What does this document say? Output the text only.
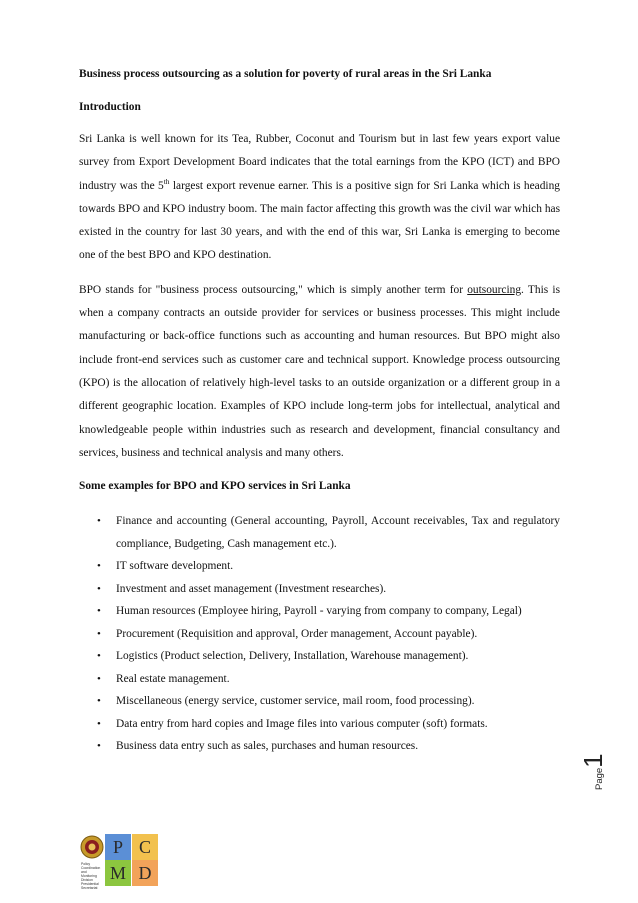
Business process outsourcing as a solution for poverty of rural areas in the Sri Lanka
Introduction
Sri Lanka is well known for its Tea, Rubber, Coconut and Tourism but in last few years export value survey from Export Development Board indicates that the total earnings from the KPO (ICT) and BPO industry was the 5th largest export revenue earner. This is a positive sign for Sri Lanka which is heading towards BPO and KPO industry boom. The main factor affecting this growth was the civil war which has existed in the country for last 30 years, and with the end of this war, Sri Lanka is emerging to become one of the best BPO and KPO destination.
BPO stands for "business process outsourcing," which is simply another term for outsourcing. This is when a company contracts an outside provider for services or business processes. This might include manufacturing or back-office functions such as accounting and human resources. But BPO might also include front-end services such as customer care and technical support. Knowledge process outsourcing (KPO) is the allocation of relatively high-level tasks to an outside organization or a different group in a different geographic location. Examples of KPO include long-term jobs for intellectual, analytical and knowledgeable people within industries such as research and development, financial consultancy and services, business and technical analysis and many others.
Some examples for BPO and KPO services in Sri Lanka
• Finance and accounting (General accounting, Payroll, Account receivables, Tax and regulatory compliance, Budgeting, Cash management etc.).
• IT software development.
• Investment and asset management (Investment researches).
• Human resources (Employee hiring, Payroll - varying from company to company, Legal)
• Procurement (Requisition and approval, Order management, Account payable).
• Logistics (Product selection, Delivery, Installation, Warehouse management).
• Real estate management.
• Miscellaneous (energy service, customer service, mail room, food processing).
• Data entry from hard copies and Image files into various computer (soft) formats.
• Business data entry such as sales, purchases and human resources.
Page1
Policy Coordination and Monitoring Division Presidential Secretariat
P C
M D
